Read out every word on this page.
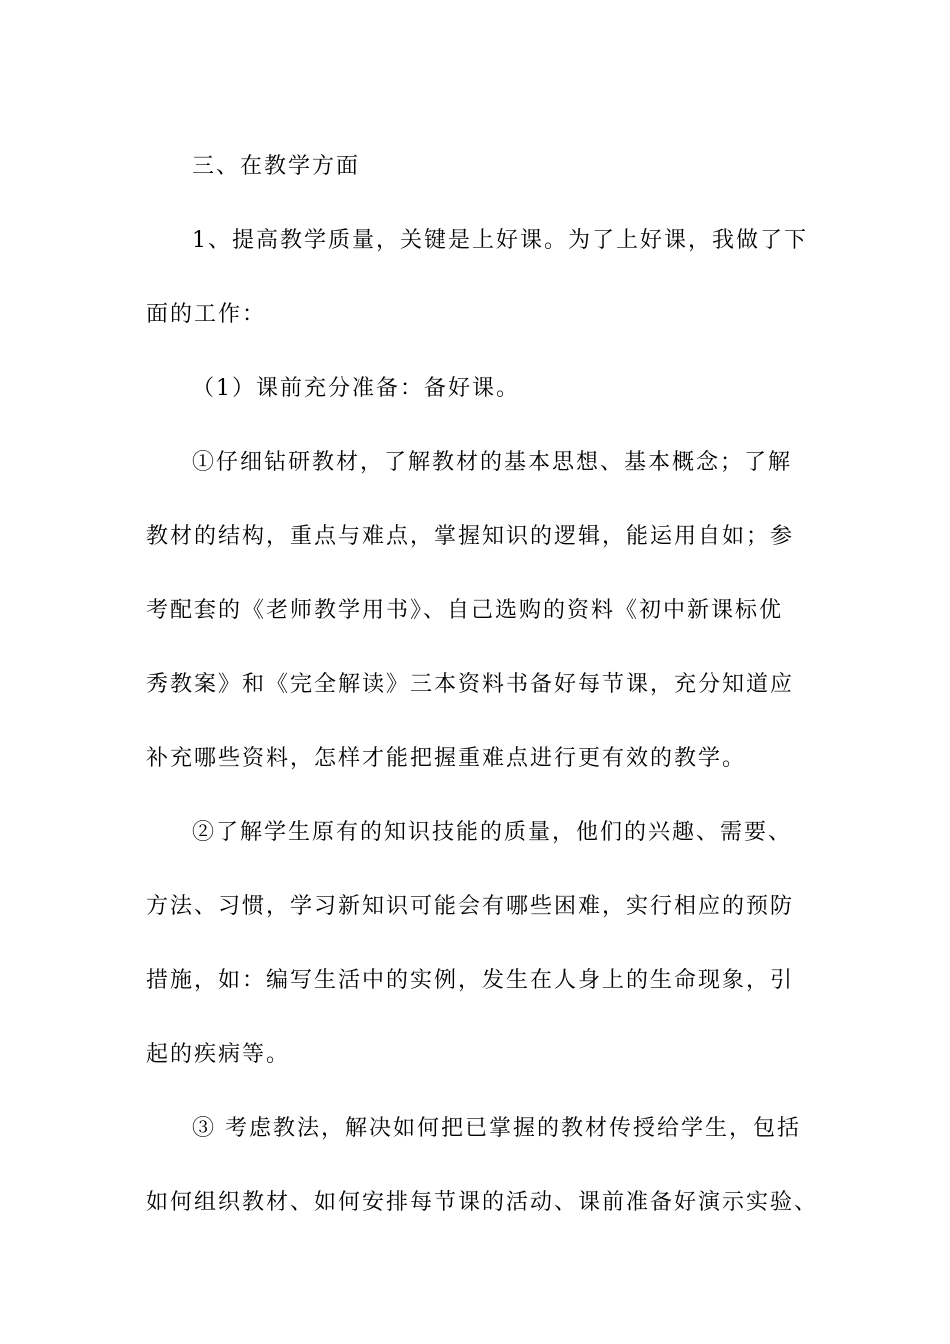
三、在教学方面
1、提高教学质量，关键是上好课。为了上好课，我做了下
面的工作：
（1）课前充分准备：备好课。
①仔细钻研教材，了解教材的基本思想、基本概念；了解
教材的结构，重点与难点，掌握知识的逻辑，能运用自如；参
考配套的《老师教学用书》、自己选购的资料《初中新课标优
秀教案》和《完全解读》三本资料书备好每节课，充分知道应
补充哪些资料，怎样才能把握重难点进行更有效的教学。
②了解学生原有的知识技能的质量，他们的兴趣、需要、
方法、习惯，学习新知识可能会有哪些困难，实行相应的预防
措施，如：编写生活中的实例，发生在人身上的生命现象，引
起的疾病等。
③ 考虑教法，解决如何把已掌握的教材传授给学生，包括
如何组织教材、如何安排每节课的活动、课前准备好演示实验、
